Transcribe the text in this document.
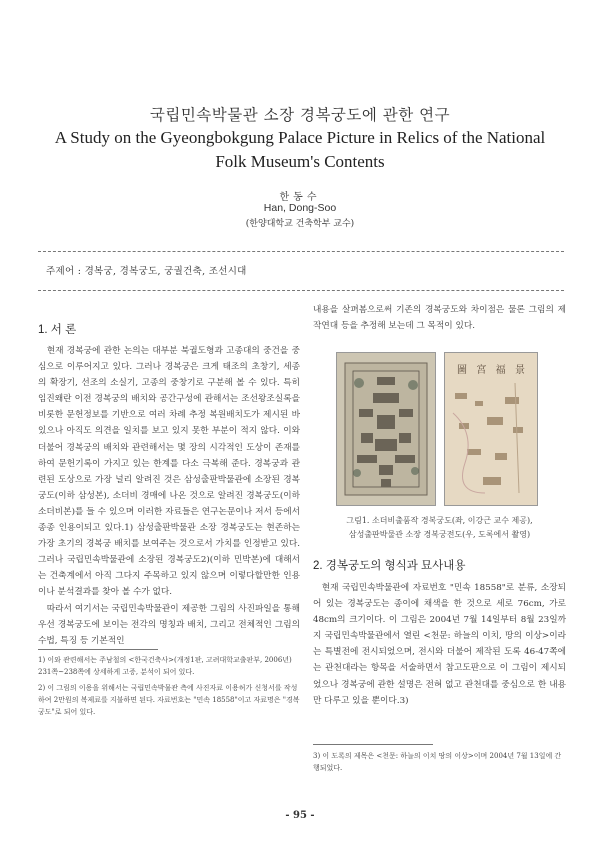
국립민속박물관 소장 경복궁도에 관한 연구
A Study on the Gyeongbokgung Palace Picture in Relics of the National Folk Museum's Contents
한동수
Han, Dong-Soo
(한양대학교 건축학부 교수)
주제어 : 경복궁, 경복궁도, 궁궐건축, 조선시대
1. 서 론

현재 경복궁에 관한 논의는 대부분 북궐도형과 고종대의 중건을 중심으로 이루어지고 있다. 그러나 경복궁은 크게 태조의 초창기, 세종의 확장기, 선조의 소실기, 고종의 중창기로 구분해 볼 수 있다. 특히 임진왜란 이전 경복궁의 배치와 공간구성에 관해서는 조선왕조실록을 비롯한 문헌정보를 기반으로 여러 차례 추정 복원배치도가 제시된 바 있으나 아직도 의견을 일치를 보고 있지 못한 부분이 적지 않다. 이와 더불어 경복궁의 배치와 관련해서는 몇 장의 시각적인 도상이 존재를 하여 문헌기록이 가지고 있는 한계를 다소 극복해 준다. 경복궁과 관련된 도상으로 가장 널리 알려진 것은 삼성출판박물관에 소장된 경복궁도(이하 삼성본), 소더비 경매에 나온 것으로 알려진 경복궁도(이하 소더비본)를 들 수 있으며 이러한 자료들은 연구논문이나 저서 등에서 종종 인용이되고 있다.1) 삼성출판박물관 소장 경복궁도는 현존하는 가장 초기의 경복궁 배치를 보여주는 것으로서 가치를 인정받고 있다. 그러나 국립민속박물관에 소장된 경복궁도2)(이하 민박본)에 대해서는 건축계에서 아직 그다지 주목하고 있지 않으며 이렇다할만한 인용이나 분석결과를 찾아 볼 수가 없다.

따라서 여기서는 국립민속박물관이 제공한 그림의 사진파일을 통해 우선 경복궁도에 보이는 전각의 명칭과 배치, 그리고 전체적인 그림의 수법, 특징 등 기본적인

1) 이와 관련해서는 주남철의 <한국건축사>(개정1판, 고려대학교출판부, 2006년) 231쪽~238쪽에 상세하게 고증, 분석이 되어 있다.
2) 이 그림의 이용을 위해서는 국립민속박물관 측에 사진자료 이용허가 신청서를 작성하여 2만원의 복제료를 지불하면 된다. 자료번호는 "민속 18558"이고 자료명은 "경복궁도"로 되어 있다.

내용을 살펴봄으로써 기존의 경복궁도와 차이점은 물론 그림의 제작연대 등을 추정해 보는데 그 목적이 있다.

圖 宮 福 景
그림1. 소더비출품작 경복궁도(좌, 이강근 교수 제공),
삼성출판박물관 소장 경복궁전도(우, 도록에서 촬영)
2. 경복궁도의 형식과 묘사내용

현재 국립민속박물관에 자료번호 "민속 18558"로 분류, 소장되어 있는 경복궁도는 종이에 채색을 한 것으로 세로 76cm, 가로 48cm의 크기이다. 이 그림은 2004년 7월 14일부터 8월 23일까지 국립민속박물관에서 열린 <천문: 하늘의 이치, 땅의 이상>이라는 특별전에 전시되었으며, 전시와 더불어 제작된 도록 46-47쪽에는 관천대라는 항목을 서술하면서 참고도판으로 이 그림이 제시되었으나 경복궁에 관한 설명은 전혀 없고 관천대를 중심으로 한 내용만 다루고 있을 뿐이다.3)

3) 이 도록의 제목은 <천문: 하늘의 이치 땅의 이상>이며 2004년 7월 13일에 간행되었다.
- 95 -
